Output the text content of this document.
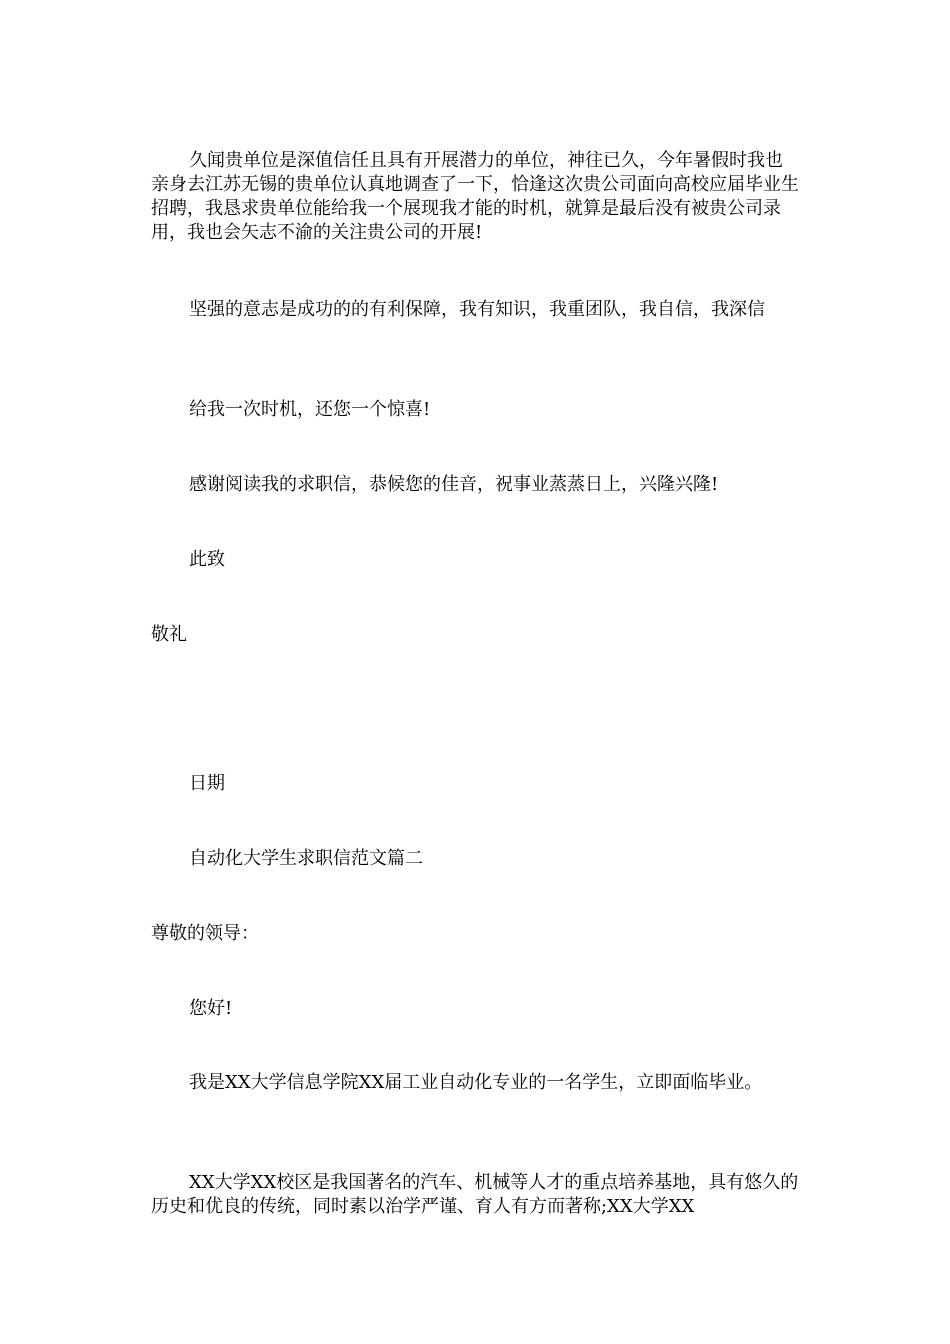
久闻贵单位是深值信任且具有开展潜力的单位，神往已久，今年暑假时我也亲身去江苏无锡的贵单位认真地调查了一下，恰逢这次贵公司面向高校应届毕业生招聘，我恳求贵单位能给我一个展现我才能的时机，就算是最后没有被贵公司录用，我也会矢志不渝的关注贵公司的开展!

坚强的意志是成功的的有利保障，我有知识，我重团队，我自信，我深信

给我一次时机，还您一个惊喜!

感谢阅读我的求职信，恭候您的佳音，祝事业蒸蒸日上，兴隆兴隆!

此致

敬礼

日期

自动化大学生求职信范文篇二

尊敬的领导：

您好!

我是XX大学信息学院XX届工业自动化专业的一名学生，立即面临毕业。

XX大学XX校区是我国著名的汽车、机械等人才的重点培养基地，具有悠久的历史和优良的传统，同时素以治学严谨、育人有方而著称;XX大学XX
